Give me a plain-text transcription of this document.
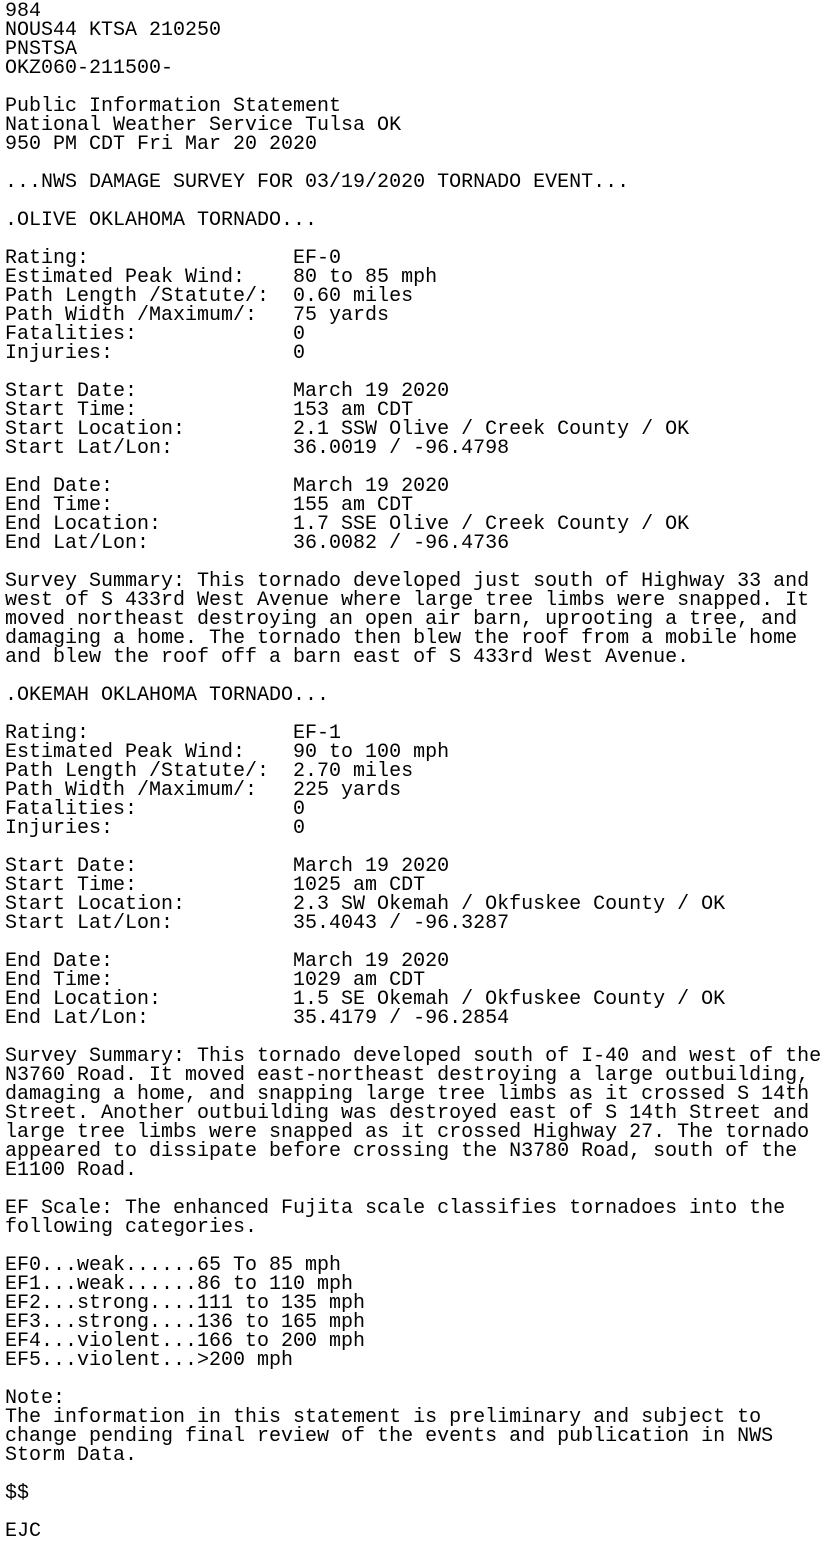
984
NOUS44 KTSA 210250
PNSTSA
OKZ060-211500-
Public Information Statement
National Weather Service Tulsa OK
950 PM CDT Fri Mar 20 2020
...NWS DAMAGE SURVEY FOR 03/19/2020 TORNADO EVENT...
.OLIVE OKLAHOMA TORNADO...
Rating:                 EF-0
Estimated Peak Wind:    80 to 85 mph
Path Length /Statute/:  0.60 miles
Path Width /Maximum/:   75 yards
Fatalities:             0
Injuries:               0
Start Date:             March 19 2020
Start Time:             153 am CDT
Start Location:         2.1 SSW Olive / Creek County / OK
Start Lat/Lon:          36.0019 / -96.4798
End Date:               March 19 2020
End Time:               155 am CDT
End Location:           1.7 SSE Olive / Creek County / OK
End Lat/Lon:            36.0082 / -96.4736
Survey Summary: This tornado developed just south of Highway 33 and
west of S 433rd West Avenue where large tree limbs were snapped. It
moved northeast destroying an open air barn, uprooting a tree, and
damaging a home. The tornado then blew the roof from a mobile home
and blew the roof off a barn east of S 433rd West Avenue.
.OKEMAH OKLAHOMA TORNADO...
Rating:                 EF-1
Estimated Peak Wind:    90 to 100 mph
Path Length /Statute/:  2.70 miles
Path Width /Maximum/:   225 yards
Fatalities:             0
Injuries:               0
Start Date:             March 19 2020
Start Time:             1025 am CDT
Start Location:         2.3 SW Okemah / Okfuskee County / OK
Start Lat/Lon:          35.4043 / -96.3287
End Date:               March 19 2020
End Time:               1029 am CDT
End Location:           1.5 SE Okemah / Okfuskee County / OK
End Lat/Lon:            35.4179 / -96.2854
Survey Summary: This tornado developed south of I-40 and west of the
N3760 Road. It moved east-northeast destroying a large outbuilding,
damaging a home, and snapping large tree limbs as it crossed S 14th
Street. Another outbuilding was destroyed east of S 14th Street and
large tree limbs were snapped as it crossed Highway 27. The tornado
appeared to dissipate before crossing the N3780 Road, south of the
E1100 Road.
EF Scale: The enhanced Fujita scale classifies tornadoes into the
following categories.
EF0...weak......65 To 85 mph
EF1...weak......86 to 110 mph
EF2...strong....111 to 135 mph
EF3...strong....136 to 165 mph
EF4...violent...166 to 200 mph
EF5...violent...>200 mph
Note:
The information in this statement is preliminary and subject to
change pending final review of the events and publication in NWS
Storm Data.
$$
EJC
